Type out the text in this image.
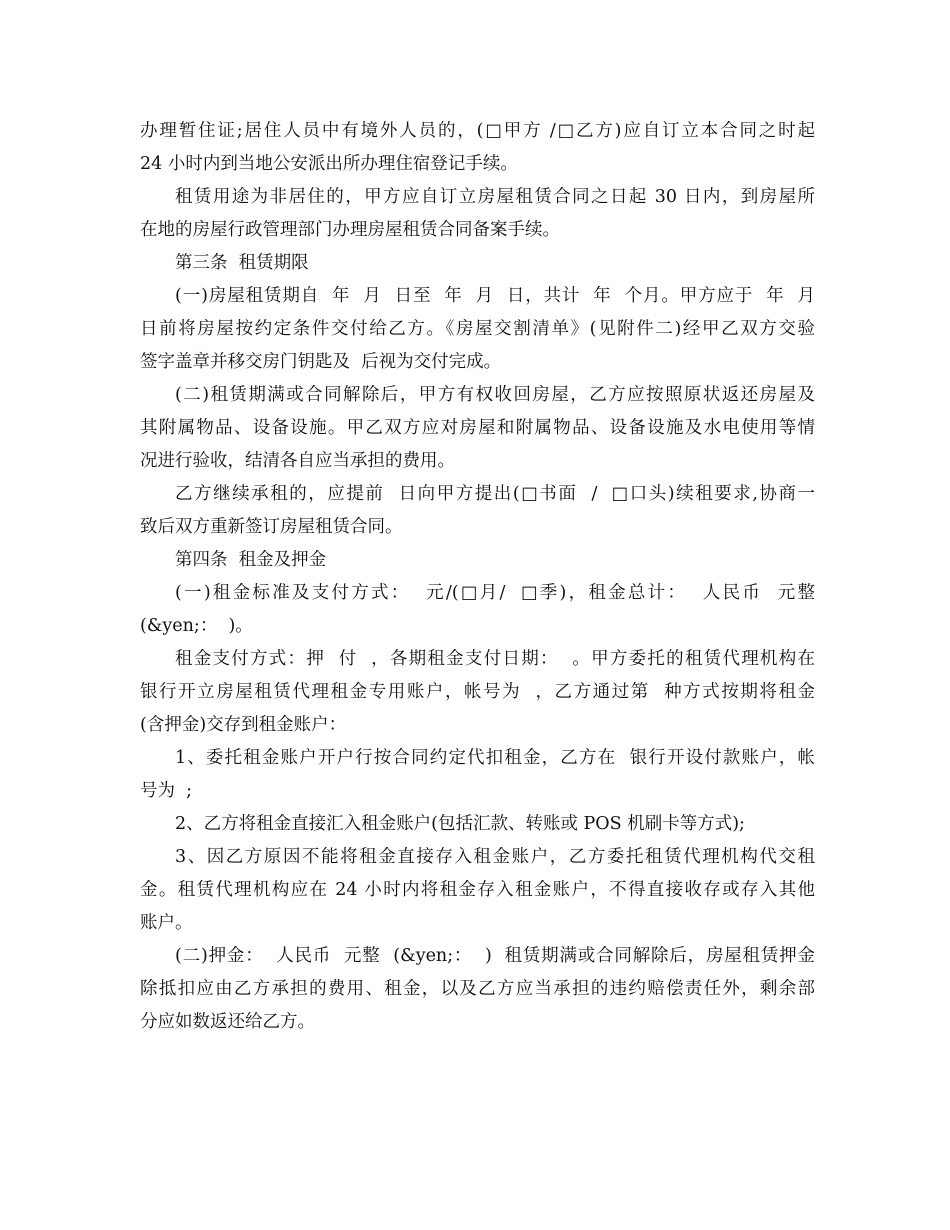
办理暂住证;居住人员中有境外人员的，(□甲方 /□乙方)应自订立本合同之时起
24 小时内到当地公安派出所办理住宿登记手续。
租赁用途为非居住的，甲方应自订立房屋租赁合同之日起 30 日内，到房屋所
在地的房屋行政管理部门办理房屋租赁合同备案手续。
第三条  租赁期限
(一)房屋租赁期自  年  月  日至  年  月  日，共计  年  个月。甲方应于  年  月
日前将房屋按约定条件交付给乙方。《房屋交割清单》(见附件二)经甲乙双方交验
签字盖章并移交房门钥匙及  后视为交付完成。
(二)租赁期满或合同解除后，甲方有权收回房屋，乙方应按照原状返还房屋及
其附属物品、设备设施。甲乙双方应对房屋和附属物品、设备设施及水电使用等情
况进行验收，结清各自应当承担的费用。
乙方继续承租的，应提前  日向甲方提出(□书面  /  □口头)续租要求,协商一
致后双方重新签订房屋租赁合同。
第四条  租金及押金
(一)租金标准及支付方式：  元/(□月/  □季)，租金总计：  人民币  元整
(&yen;：  )。
租金支付方式：押  付  ，各期租金支付日期：  。甲方委托的租赁代理机构在
银行开立房屋租赁代理租金专用账户，帐号为  ，乙方通过第  种方式按期将租金
(含押金)交存到租金账户：
1、委托租金账户开户行按合同约定代扣租金，乙方在  银行开设付款账户，帐
号为  ;
2、乙方将租金直接汇入租金账户(包括汇款、转账或 POS 机刷卡等方式);
3、因乙方原因不能将租金直接存入租金账户，乙方委托租赁代理机构代交租
金。租赁代理机构应在 24 小时内将租金存入租金账户，不得直接收存或存入其他
账户。
(二)押金：  人民币  元整  (&yen;：  )  租赁期满或合同解除后，房屋租赁押金
除抵扣应由乙方承担的费用、租金，以及乙方应当承担的违约赔偿责任外，剩余部
分应如数返还给乙方。
